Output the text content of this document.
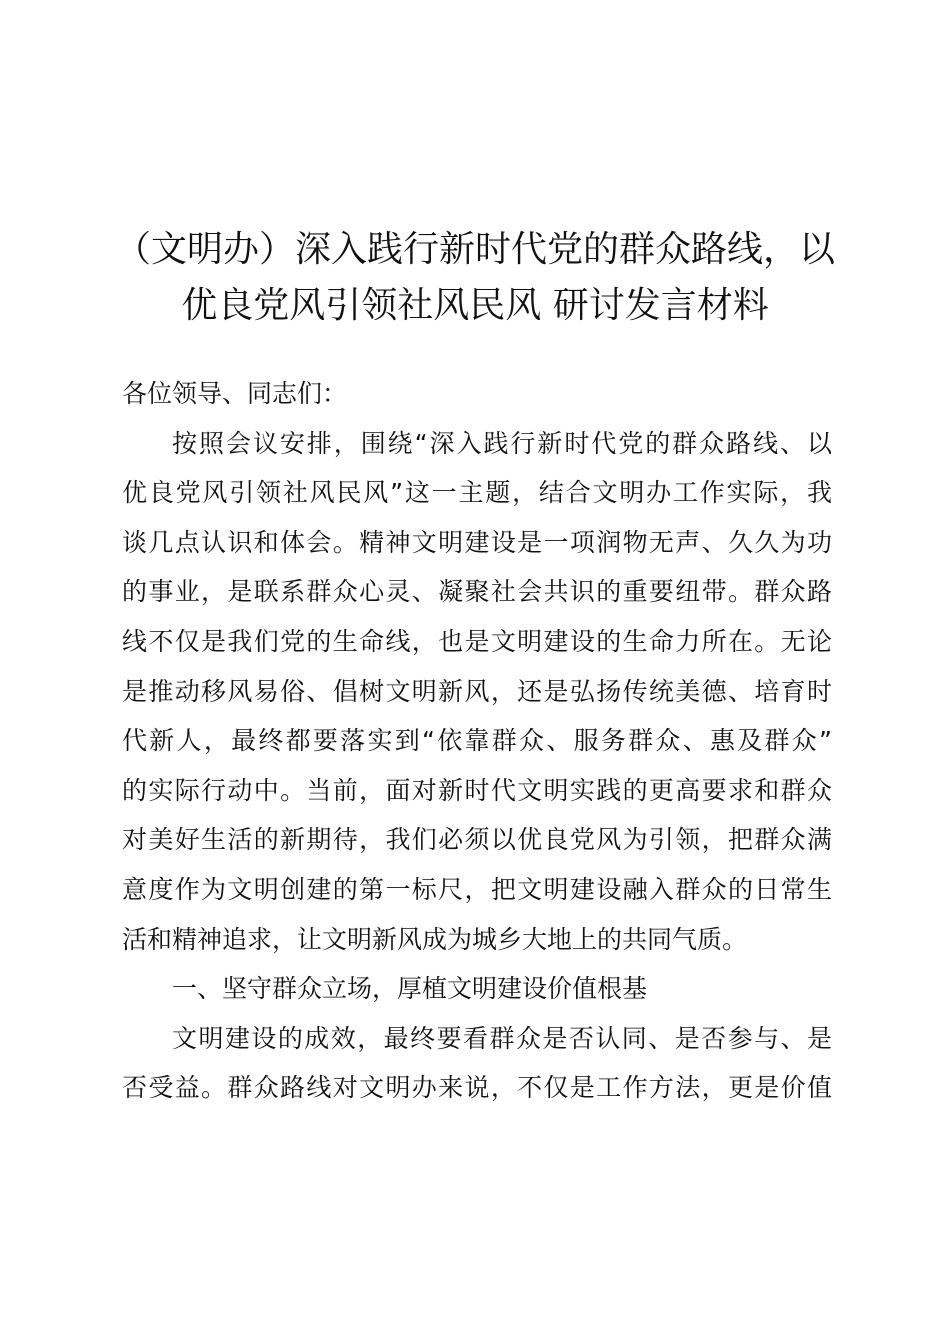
（文明办）深入践行新时代党的群众路线，以
优良党风引领社风民风 研讨发言材料

各位领导、同志们：

按照会议安排，围绕“深入践行新时代党的群众路线、以
优良党风引领社风民风”这一主题，结合文明办工作实际，我
谈几点认识和体会。精神文明建设是一项润物无声、久久为功
的事业，是联系群众心灵、凝聚社会共识的重要纽带。群众路
线不仅是我们党的生命线，也是文明建设的生命力所在。无论
是推动移风易俗、倡树文明新风，还是弘扬传统美德、培育时
代新人，最终都要落实到“依靠群众、服务群众、惠及群众”
的实际行动中。当前，面对新时代文明实践的更高要求和群众
对美好生活的新期待，我们必须以优良党风为引领，把群众满
意度作为文明创建的第一标尺，把文明建设融入群众的日常生
活和精神追求，让文明新风成为城乡大地上的共同气质。

一、坚守群众立场，厚植文明建设价值根基

文明建设的成效，最终要看群众是否认同、是否参与、是
否受益。群众路线对文明办来说，不仅是工作方法，更是价值
